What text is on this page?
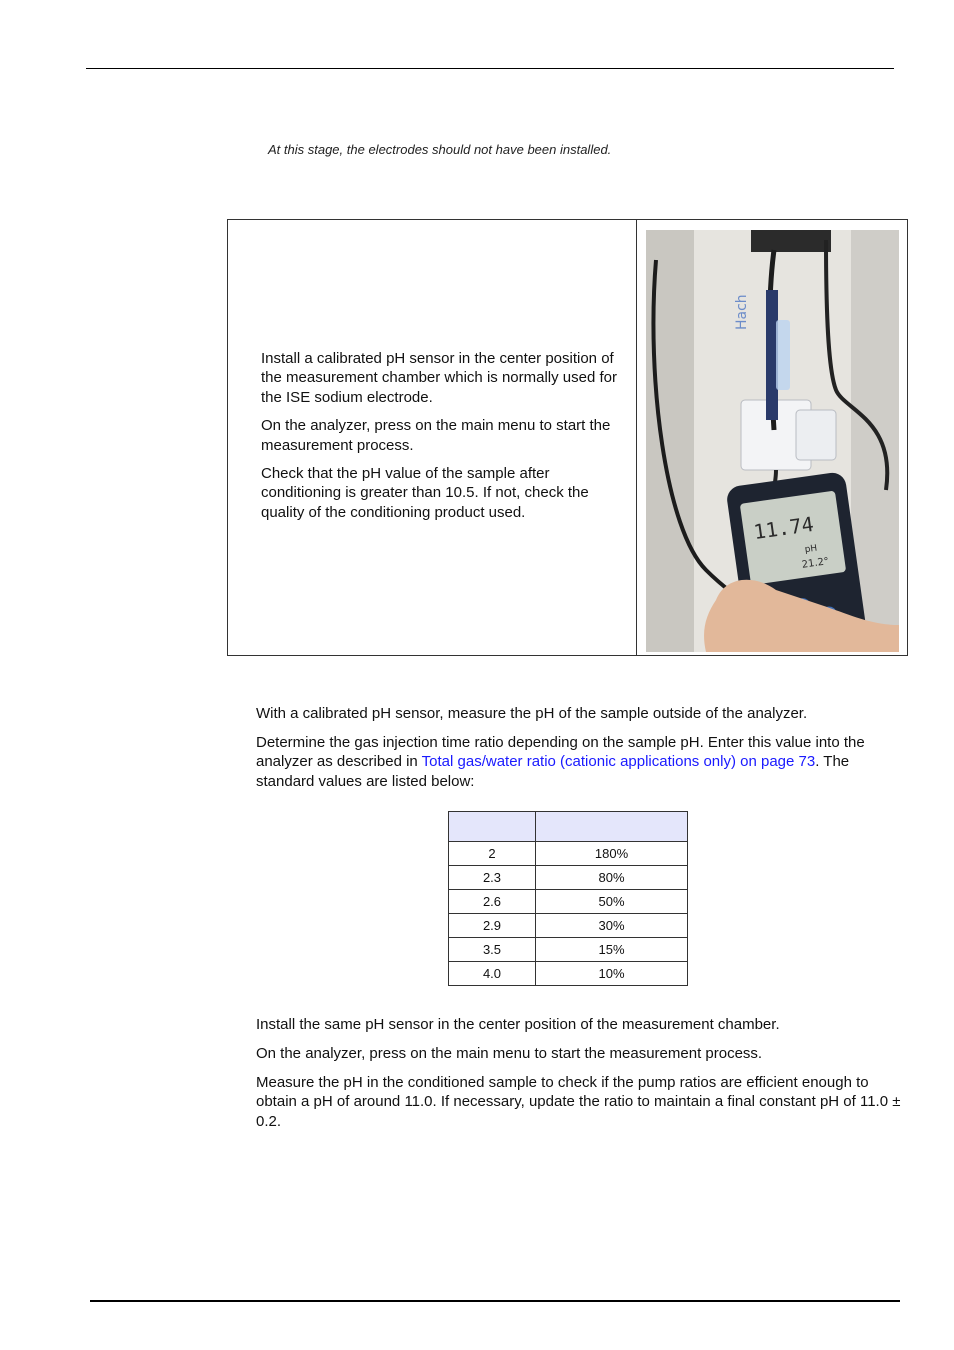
At this stage, the electrodes should not have been installed.

Install a calibrated pH sensor in the center position of the measurement chamber which is normally used for the ISE sodium electrode.

On the analyzer, press on the main menu to start the measurement process.

Check that the pH value of the sample after conditioning is greater than 10.5. If not, check the quality of the conditioning product used.

Hach
11.74
pH
21.2°

With a calibrated pH sensor, measure the pH of the sample outside of the analyzer.

Determine the gas injection time ratio depending on the sample pH. Enter this value into the analyzer as described in Total gas/water ratio (cationic applications only) on page 73. The standard values are listed below:

2	180%
2.3	80%
2.6	50%
2.9	30%
3.5	15%
4.0	10%

Install the same pH sensor in the center position of the measurement chamber.

On the analyzer, press on the main menu to start the measurement process.

Measure the pH in the conditioned sample to check if the pump ratios are efficient enough to obtain a pH of around 11.0. If necessary, update the ratio to maintain a final constant pH of 11.0 ± 0.2.
